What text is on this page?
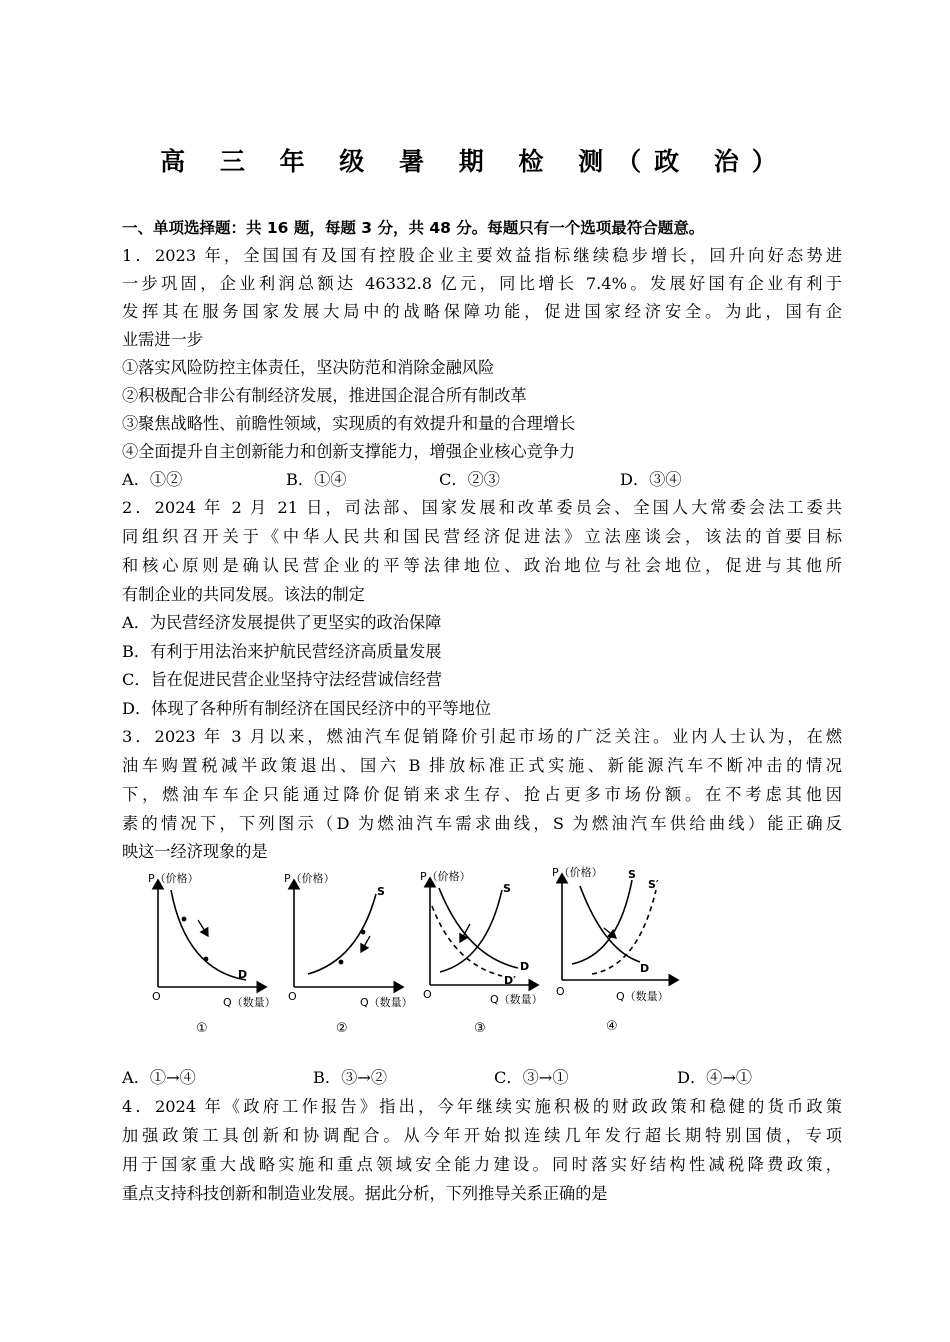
高 三 年 级 暑 期 检 测（政 治）
一、单项选择题：共 16 题，每题 3 分，共 48 分。每题只有一个选项最符合题意。
1．2023 年，全国国有及国有控股企业主要效益指标继续稳步增长，回升向好态势进
一步巩固，企业利润总额达 46332.8 亿元，同比增长 7.4%。发展好国有企业有利于
发挥其在服务国家发展大局中的战略保障功能，促进国家经济安全。为此，国有企
业需进一步
①落实风险防控主体责任，坚决防范和消除金融风险
②积极配合非公有制经济发展，推进国企混合所有制改革
③聚焦战略性、前瞻性领域，实现质的有效提升和量的合理增长
④全面提升自主创新能力和创新支撑能力，增强企业核心竞争力
A．①②	B．①④	C．②③	D．③④
2．2024 年 2 月 21 日，司法部、国家发展和改革委员会、全国人大常委会法工委共
同组织召开关于《中华人民共和国民营经济促进法》立法座谈会，该法的首要目标
和核心原则是确认民营企业的平等法律地位、政治地位与社会地位，促进与其他所
有制企业的共同发展。该法的制定
A．为民营经济发展提供了更坚实的政治保障
B．有利于用法治来护航民营经济高质量发展
C．旨在促进民营企业坚持守法经营诚信经营
D．体现了各种所有制经济在国民经济中的平等地位
3．2023 年 3 月以来，燃油汽车促销降价引起市场的广泛关注。业内人士认为，在燃
油车购置税减半政策退出、国六 B 排放标准正式实施、新能源汽车不断冲击的情况
下，燃油车车企只能通过降价促销来求生存、抢占更多市场份额。在不考虑其他因
素的情况下，下列图示（D 为燃油汽车需求曲线，S 为燃油汽车供给曲线）能正确反
映这一经济现象的是
P（价格）
Q（数量）
O
D
①
P（价格）
Q（数量）
O
S
②
P（价格）
Q（数量）
O
S
D
D′
③
P（价格）
Q（数量）
O
S
S′
D
④
A．①→④	B．③→②	C．③→①	D．④→①
4．2024 年《政府工作报告》指出，今年继续实施积极的财政政策和稳健的货币政策
加强政策工具创新和协调配合。从今年开始拟连续几年发行超长期特别国债，专项
用于国家重大战略实施和重点领域安全能力建设。同时落实好结构性减税降费政策，
重点支持科技创新和制造业发展。据此分析，下列推导关系正确的是
